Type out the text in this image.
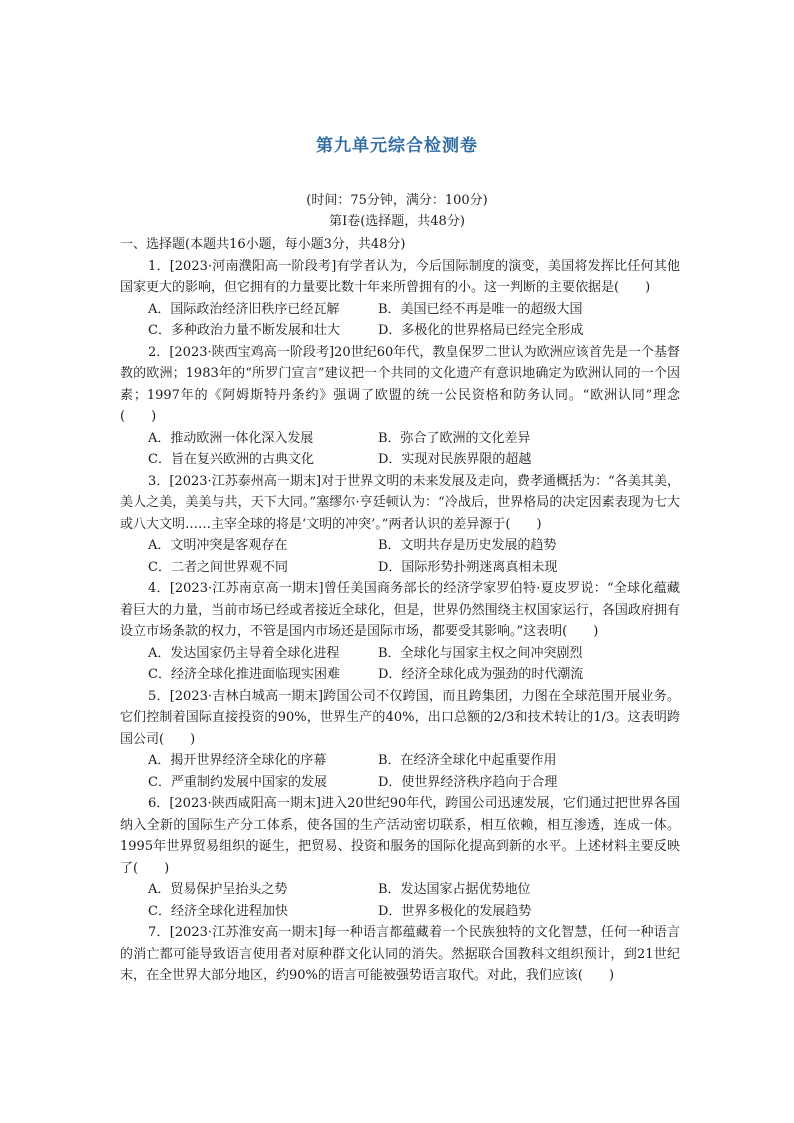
第九单元综合检测卷
(时间：75分钟，满分：100分)
第Ⅰ卷(选择题，共48分)

一、选择题(本题共16小题，每小题3分，共48分)

1．[2023·河南濮阳高一阶段考]有学者认为，今后国际制度的演变，美国将发挥比任何其他国家更大的影响，但它拥有的力量要比数十年来所曾拥有的小。这一判断的主要依据是(　　)

A．国际政治经济旧秩序已经瓦解	B．美国已经不再是唯一的超级大国
C．多种政治力量不断发展和壮大	D．多极化的世界格局已经完全形成

2．[2023·陕西宝鸡高一阶段考]20世纪60年代，教皇保罗二世认为欧洲应该首先是一个基督教的欧洲；1983年的“所罗门宣言”建议把一个共同的文化遗产有意识地确定为欧洲认同的一个因素；1997年的《阿姆斯特丹条约》强调了欧盟的统一公民资格和防务认同。“欧洲认同”理念(　　)

A．推动欧洲一体化深入发展	B．弥合了欧洲的文化差异
C．旨在复兴欧洲的古典文化	D．实现对民族界限的超越

3．[2023·江苏泰州高一期末]对于世界文明的未来发展及走向，费孝通概括为：“各美其美，美人之美，美美与共，天下大同。”塞缪尔·亨廷顿认为：“冷战后，世界格局的决定因素表现为七大或八大文明……主宰全球的将是‘文明的冲突’。”两者认识的差异源于(　　)

A．文明冲突是客观存在	B．文明共存是历史发展的趋势
C．二者之间世界观不同	D．国际形势扑朔迷离真相未现

4．[2023·江苏南京高一期末]曾任美国商务部长的经济学家罗伯特·夏皮罗说：“全球化蕴藏着巨大的力量，当前市场已经或者接近全球化，但是，世界仍然围绕主权国家运行，各国政府拥有设立市场条款的权力，不管是国内市场还是国际市场，都要受其影响。”这表明(　　)

A．发达国家仍主导着全球化进程	B．全球化与国家主权之间冲突剧烈
C．经济全球化推进面临现实困难	D．经济全球化成为强劲的时代潮流

5．[2023·吉林白城高一期末]跨国公司不仅跨国，而且跨集团，力图在全球范围开展业务。它们控制着国际直接投资的90%，世界生产的40%，出口总额的2/3和技术转让的1/3。这表明跨国公司(　　)

A．揭开世界经济全球化的序幕	B．在经济全球化中起重要作用
C．严重制约发展中国家的发展	D．使世界经济秩序趋向于合理

6．[2023·陕西咸阳高一期末]进入20世纪90年代，跨国公司迅速发展，它们通过把世界各国纳入全新的国际生产分工体系，使各国的生产活动密切联系，相互依赖，相互渗透，连成一体。1995年世界贸易组织的诞生，把贸易、投资和服务的国际化提高到新的水平。上述材料主要反映了(　　)

A．贸易保护呈抬头之势	B．发达国家占据优势地位
C．经济全球化进程加快	D．世界多极化的发展趋势

7．[2023·江苏淮安高一期末]每一种语言都蕴藏着一个民族独特的文化智慧，任何一种语言的消亡都可能导致语言使用者对原种群文化认同的消失。然据联合国教科文组织预计，到21世纪末，在全世界大部分地区，约90%的语言可能被强势语言取代。对此，我们应该(　　)
